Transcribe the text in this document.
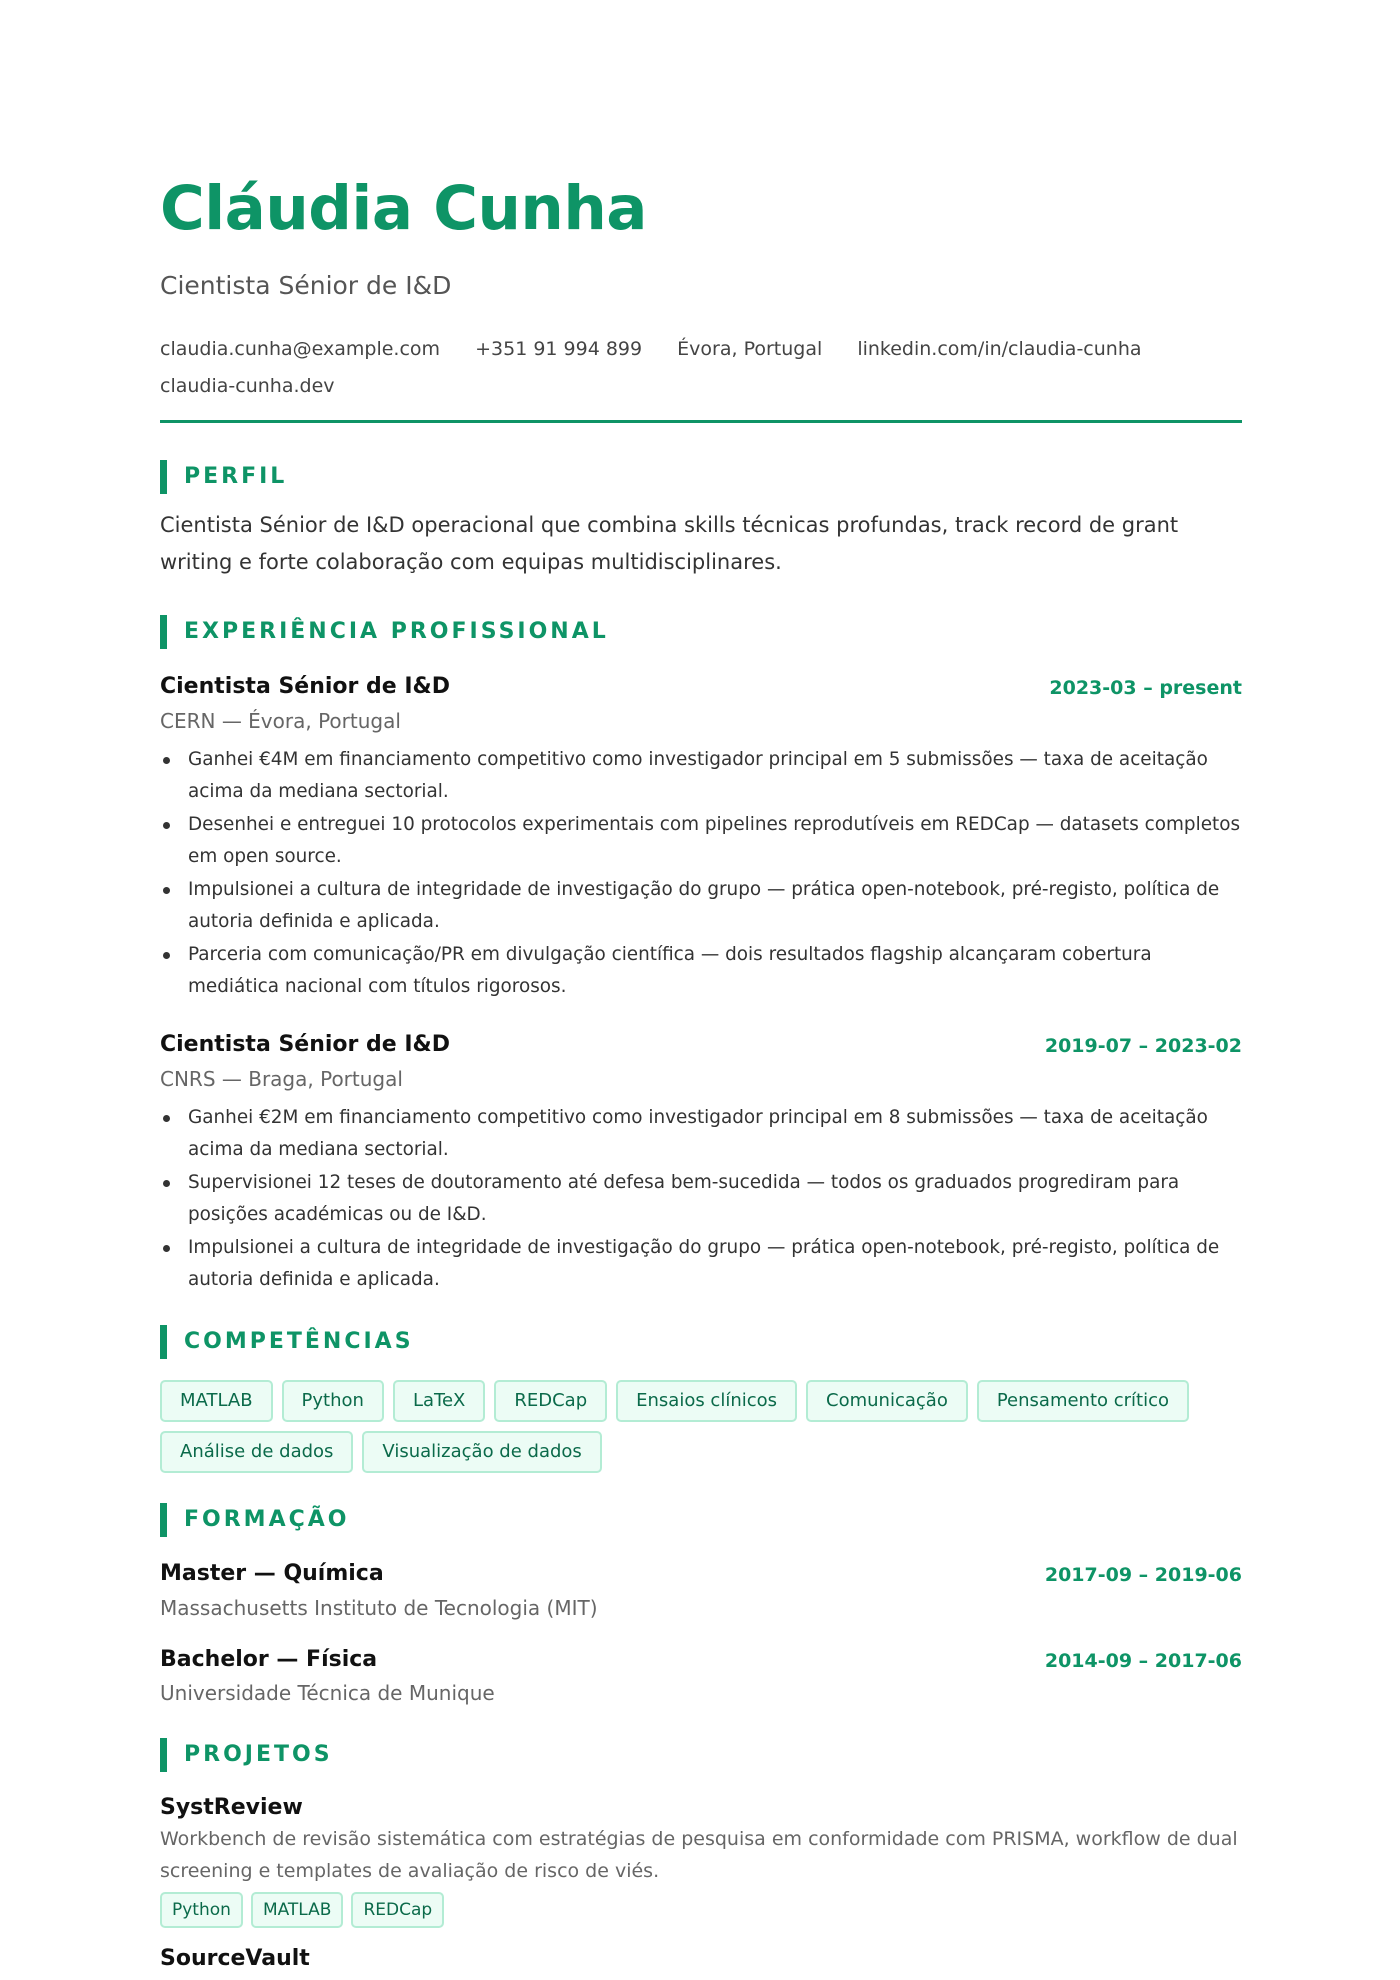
Cláudia Cunha
Cientista Sénior de I&D
claudia.cunha@example.com +351 91 994 899 Évora, Portugal linkedin.com/in/claudia-cunha claudia-cunha.dev
PERFIL
Cientista Sénior de I&D operacional que combina skills técnicas profundas, track record de grant writing e forte colaboração com equipas multidisciplinares.
EXPERIÊNCIA PROFISSIONAL
Cientista Sénior de I&D	2023-03 – present
CERN — Évora, Portugal
Ganhei €4M em financiamento competitivo como investigador principal em 5 submissões — taxa de aceitação acima da mediana sectorial.
Desenhei e entreguei 10 protocolos experimentais com pipelines reprodutíveis em REDCap — datasets completos em open source.
Impulsionei a cultura de integridade de investigação do grupo — prática open-notebook, pré-registo, política de autoria definida e aplicada.
Parceria com comunicação/PR em divulgação científica — dois resultados flagship alcançaram cobertura mediática nacional com títulos rigorosos.
Cientista Sénior de I&D	2019-07 – 2023-02
CNRS — Braga, Portugal
Ganhei €2M em financiamento competitivo como investigador principal em 8 submissões — taxa de aceitação acima da mediana sectorial.
Supervisionei 12 teses de doutoramento até defesa bem-sucedida — todos os graduados progrediram para posições académicas ou de I&D.
Impulsionei a cultura de integridade de investigação do grupo — prática open-notebook, pré-registo, política de autoria definida e aplicada.
COMPETÊNCIAS
MATLAB	Python	LaTeX	REDCap	Ensaios clínicos	Comunicação	Pensamento crítico
Análise de dados	Visualização de dados
FORMAÇÃO
Master — Química	2017-09 – 2019-06
Massachusetts Instituto de Tecnologia (MIT)
Bachelor — Física	2014-09 – 2017-06
Universidade Técnica de Munique
PROJETOS
SystReview
Workbench de revisão sistemática com estratégias de pesquisa em conformidade com PRISMA, workflow de dual screening e templates de avaliação de risco de viés.
Python MATLAB REDCap
SourceVault
